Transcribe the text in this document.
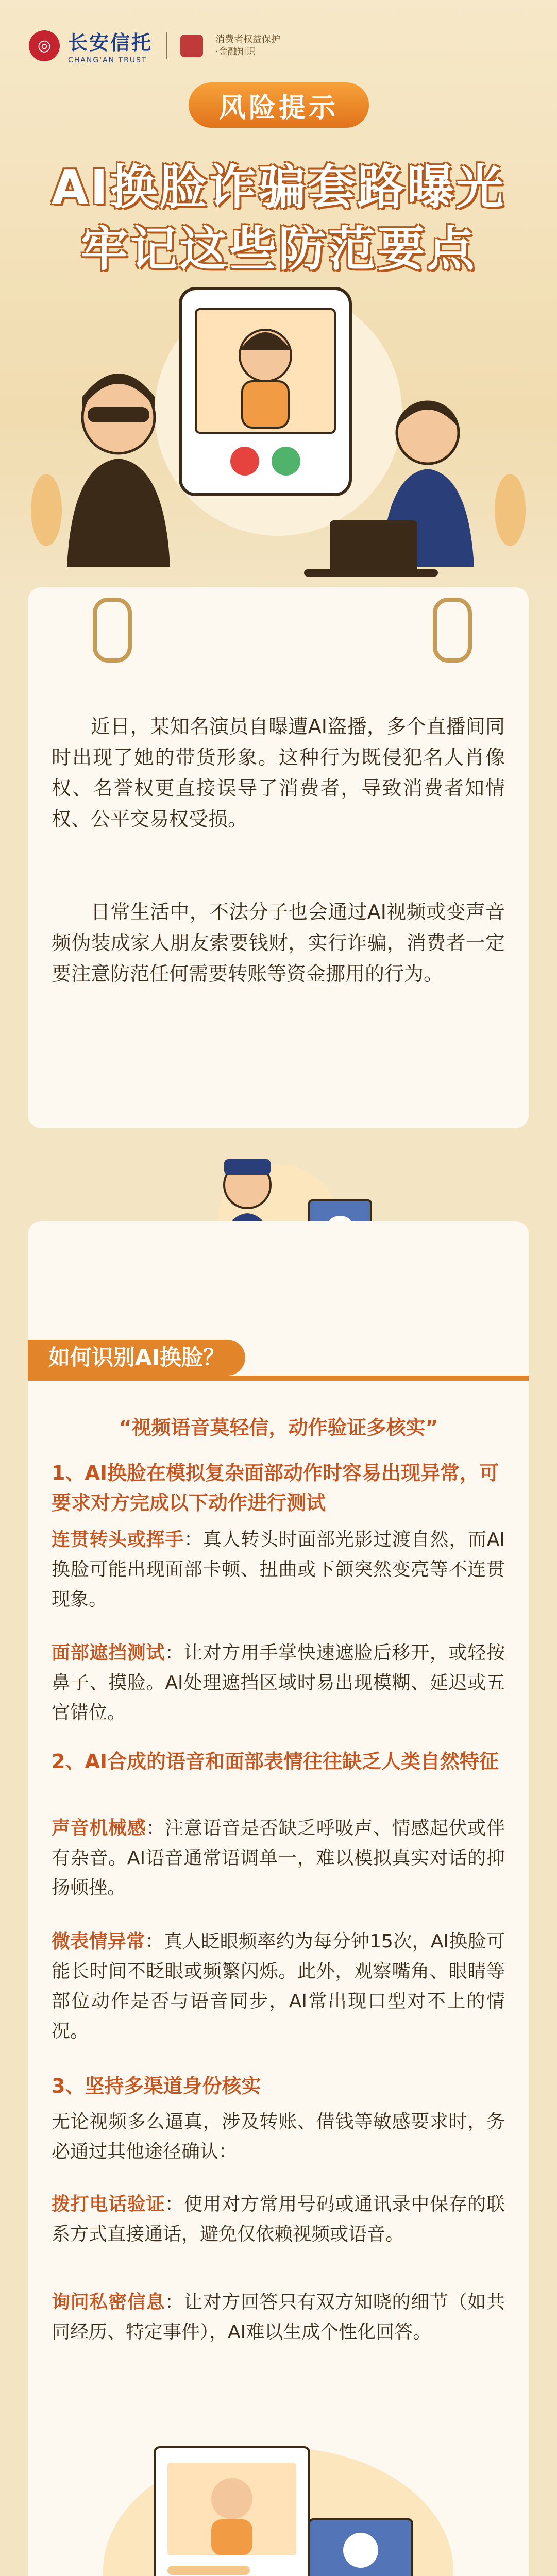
◎ 长安信托
CHANG'AN TRUST
消费者权益保护
·金融知识
风险提示
AI换脸诈骗套路曝光
牢记这些防范要点
近日，某知名演员自曝遭AI盗播，多个直播间同时出现了她的带货形象。这种行为既侵犯名人肖像权、名誉权更直接误导了消费者，导致消费者知情权、公平交易权受损。
日常生活中，不法分子也会通过AI视频或变声音频伪装成家人朋友索要钱财，实行诈骗，消费者一定要注意防范任何需要转账等资金挪用的行为。
如何识别AI换脸？
“视频语音莫轻信，动作验证多核实”
1、AI换脸在模拟复杂面部动作时容易出现异常，可要求对方完成以下动作进行测试
连贯转头或挥手：真人转头时面部光影过渡自然，而AI换脸可能出现面部卡顿、扭曲或下颌突然变亮等不连贯现象。
面部遮挡测试：让对方用手掌快速遮脸后移开，或轻按鼻子、摸脸。AI处理遮挡区域时易出现模糊、延迟或五官错位。
2、AI合成的语音和面部表情往往缺乏人类自然特征
声音机械感：注意语音是否缺乏呼吸声、情感起伏或伴有杂音。AI语音通常语调单一，难以模拟真实对话的抑扬顿挫。
微表情异常：真人眨眼频率约为每分钟15次，AI换脸可能长时间不眨眼或频繁闪烁。此外，观察嘴角、眼睛等部位动作是否与语音同步，AI常出现口型对不上的情况。
3、坚持多渠道身份核实
无论视频多么逼真，涉及转账、借钱等敏感要求时，务必通过其他途径确认：
拨打电话验证：使用对方常用号码或通讯录中保存的联系方式直接通话，避免仅依赖视频或语音。
询问私密信息：让对方回答只有双方知晓的细节（如共同经历、特定事件），AI难以生成个性化回答。
